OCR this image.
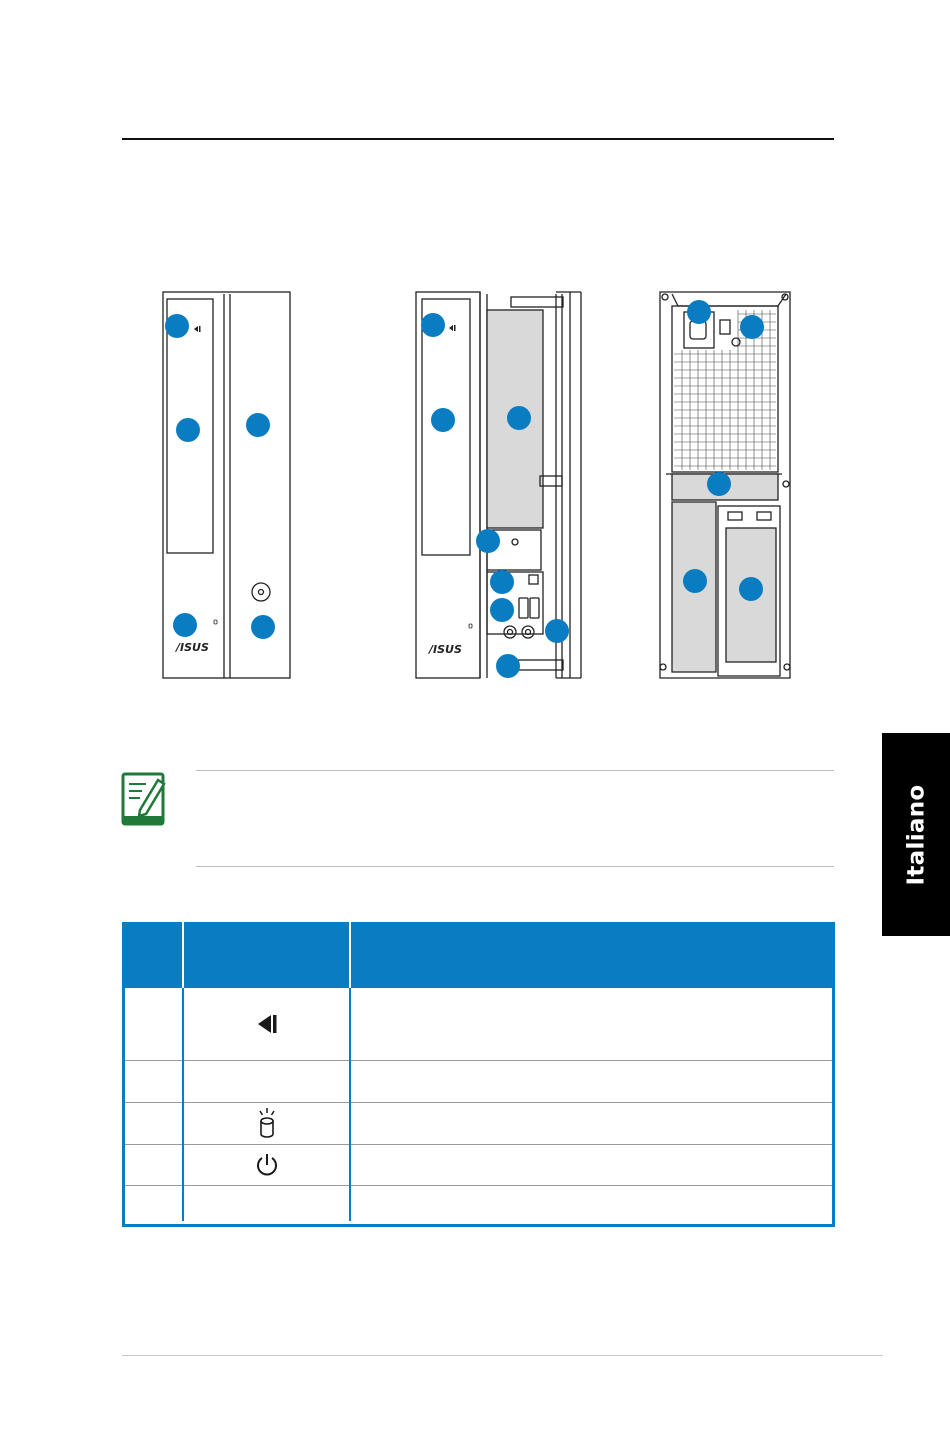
Italiano
/ISUS	/ISUS
